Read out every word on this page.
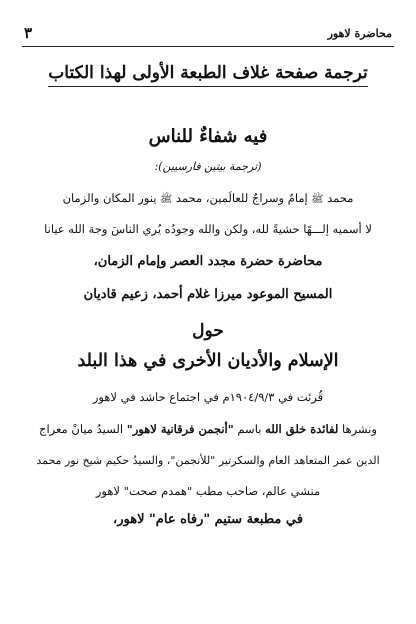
٣	محاضرة لاهور
ترجمة صفحة غلاف الطبعة الأولى لهذا الكتاب
فيه شفاءٌ للناس
(ترجمة بيتين فارسيين):
محمد ﷺ إمامٌ وسراجٌ للعالَمين، محمد ﷺ ينور المكان والزمان
لا أسميه إلـــهًا حشيةً لله، ولكن والله وجودُه يُري الناسَ وجهَ الله عيانا
محاضرة حضرة مجدد العصر وإمام الزمان،
المسيح الموعود ميرزا غلام أحمد، زعيم قاديان
حول
الإسلام والأديان الأخرى في هذا البلد
قُرئت في ١٩٠٤/٩/٣م في اجتماع حاشد في لاهور
ونشرها لفائدة خلق الله باسم "أنجمن فرقانية لاهور" السيدُ ميانْ معراج
الدين عمر المتعاهد العام والسكرتير "للأنجمن"، والسيدُ حكيم شيخ نور محمد
منشي عالم، صاحب مطب "همدم صحت" لاهور
في مطبعة ستيم "رفاه عام" لاهور،
